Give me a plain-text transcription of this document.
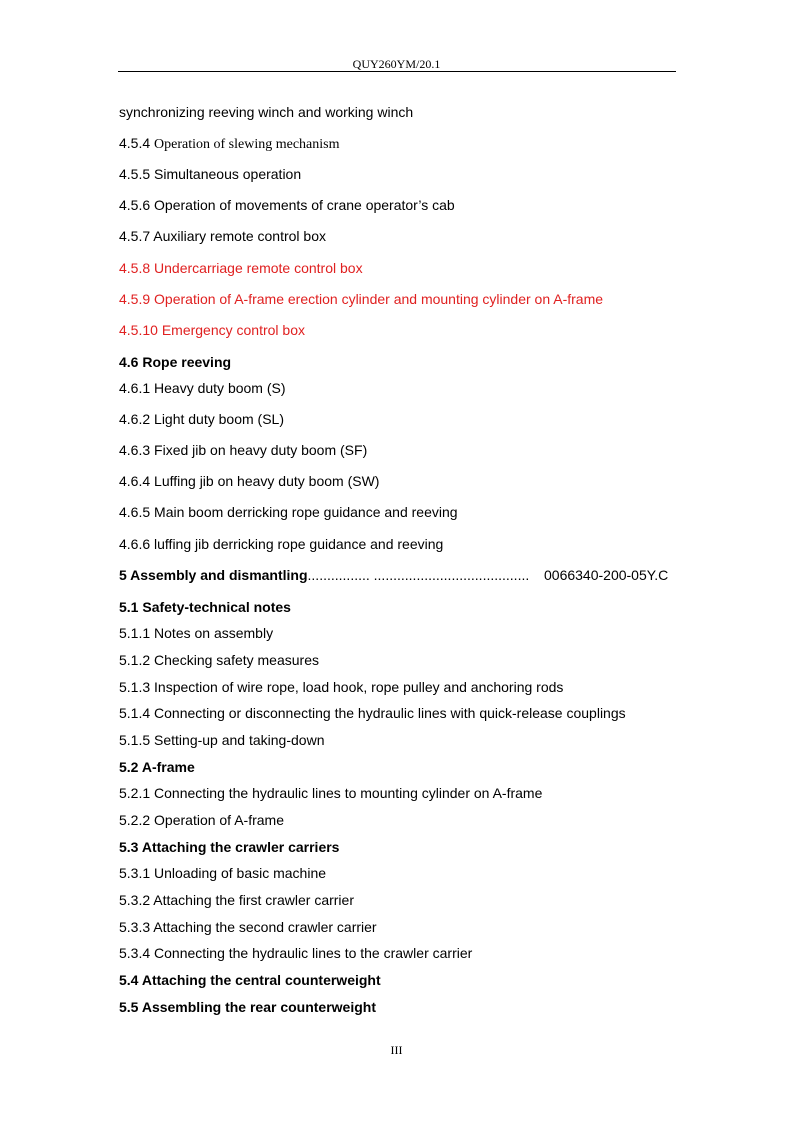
QUY260YM/20.1
synchronizing reeving winch and working winch
4.5.4 Operation of slewing mechanism
4.5.5 Simultaneous operation
4.5.6 Operation of movements of crane operator’s cab
4.5.7 Auxiliary remote control box
4.5.8 Undercarriage remote control box
4.5.9 Operation of A-frame erection cylinder and mounting cylinder on A-frame
4.5.10 Emergency control box
4.6 Rope reeving
4.6.1 Heavy duty boom (S)
4.6.2 Light duty boom (SL)
4.6.3 Fixed jib on heavy duty boom (SF)
4.6.4 Luffing jib on heavy duty boom (SW)
4.6.5 Main boom derricking rope guidance and reeving
4.6.6 luffing jib derricking rope guidance and reeving
5 Assembly and dismantling................ ........................................ 0066340-200-05Y.C
5.1 Safety-technical notes
5.1.1 Notes on assembly
5.1.2 Checking safety measures
5.1.3 Inspection of wire rope, load hook, rope pulley and anchoring rods
5.1.4 Connecting or disconnecting the hydraulic lines with quick-release couplings
5.1.5 Setting-up and taking-down
5.2 A-frame
5.2.1 Connecting the hydraulic lines to mounting cylinder on A-frame
5.2.2 Operation of A-frame
5.3 Attaching the crawler carriers
5.3.1 Unloading of basic machine
5.3.2 Attaching the first crawler carrier
5.3.3 Attaching the second crawler carrier
5.3.4 Connecting the hydraulic lines to the crawler carrier
5.4 Attaching the central counterweight
5.5 Assembling the rear counterweight
III
